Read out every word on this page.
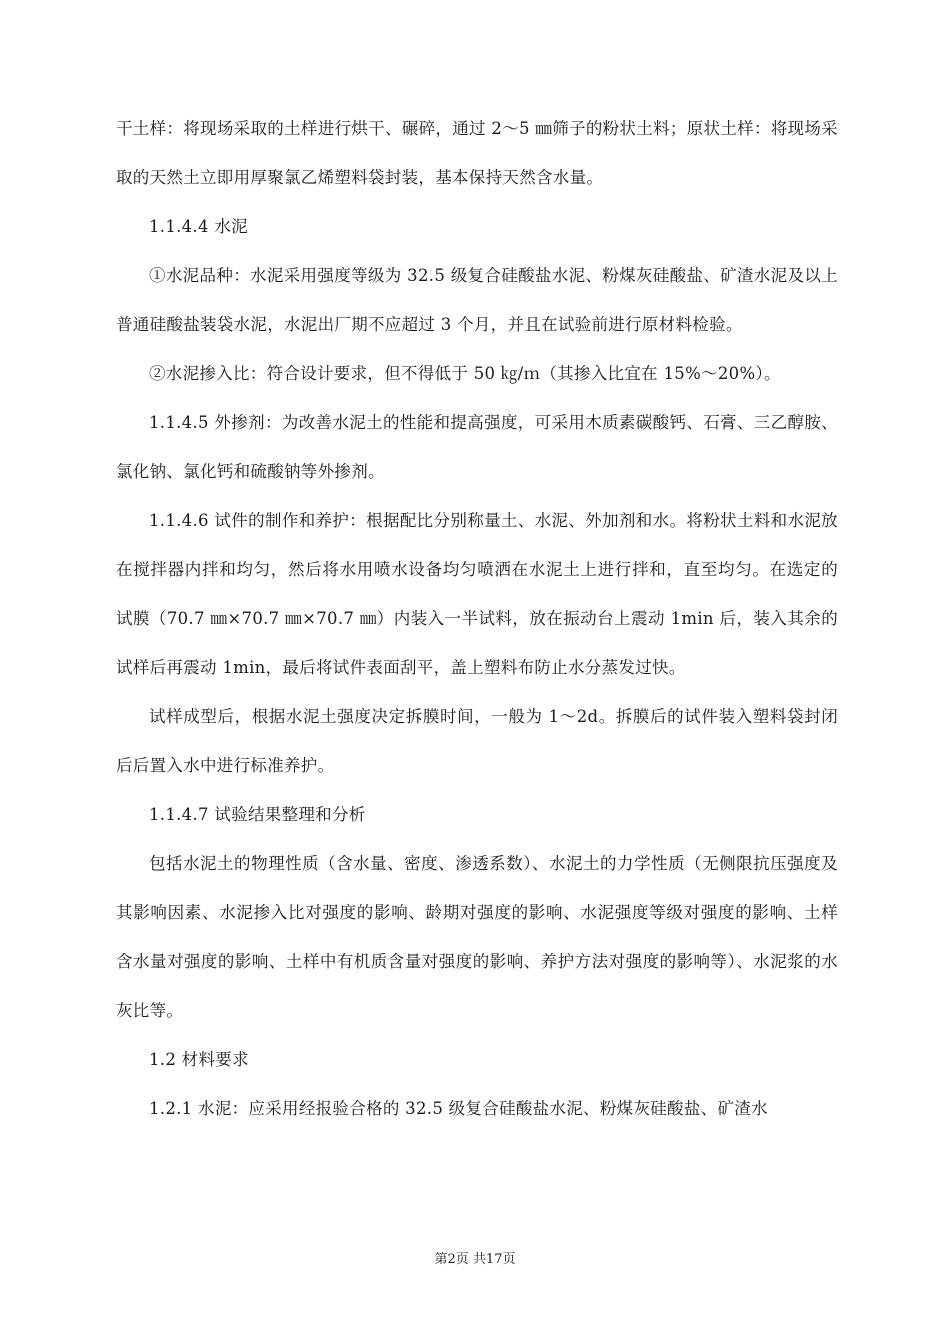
干土样：将现场采取的土样进行烘干、碾碎，通过 2～5 ㎜筛子的粉状土料；原状土样：将现场采取的天然土立即用厚聚氯乙烯塑料袋封装，基本保持天然含水量。

1.1.4.4 水泥

①水泥品种：水泥采用强度等级为 32.5 级复合硅酸盐水泥、粉煤灰硅酸盐、矿渣水泥及以上普通硅酸盐装袋水泥，水泥出厂期不应超过 3 个月，并且在试验前进行原材料检验。

②水泥掺入比：符合设计要求，但不得低于 50 ㎏/ｍ（其掺入比宜在 15%～20%）。

1.1.4.5 外掺剂：为改善水泥土的性能和提高强度，可采用木质素碳酸钙、石膏、三乙醇胺、氯化钠、氯化钙和硫酸钠等外掺剂。

1.1.4.6 试件的制作和养护：根据配比分别称量土、水泥、外加剂和水。将粉状土料和水泥放在搅拌器内拌和均匀，然后将水用喷水设备均匀喷洒在水泥土上进行拌和，直至均匀。在选定的试膜（70.7 ㎜×70.7 ㎜×70.7 ㎜）内装入一半试料，放在振动台上震动 1min 后，装入其余的试样后再震动 1min，最后将试件表面刮平，盖上塑料布防止水分蒸发过快。

试样成型后，根据水泥土强度决定拆膜时间，一般为 1～2d。拆膜后的试件装入塑料袋封闭后后置入水中进行标准养护。

1.1.4.7 试验结果整理和分析

包括水泥土的物理性质（含水量、密度、渗透系数）、水泥土的力学性质（无侧限抗压强度及其影响因素、水泥掺入比对强度的影响、龄期对强度的影响、水泥强度等级对强度的影响、土样含水量对强度的影响、土样中有机质含量对强度的影响、养护方法对强度的影响等）、水泥浆的水灰比等。

1.2 材料要求

1.2.1 水泥：应采用经报验合格的 32.5 级复合硅酸盐水泥、粉煤灰硅酸盐、矿渣水

第2页 共17页
